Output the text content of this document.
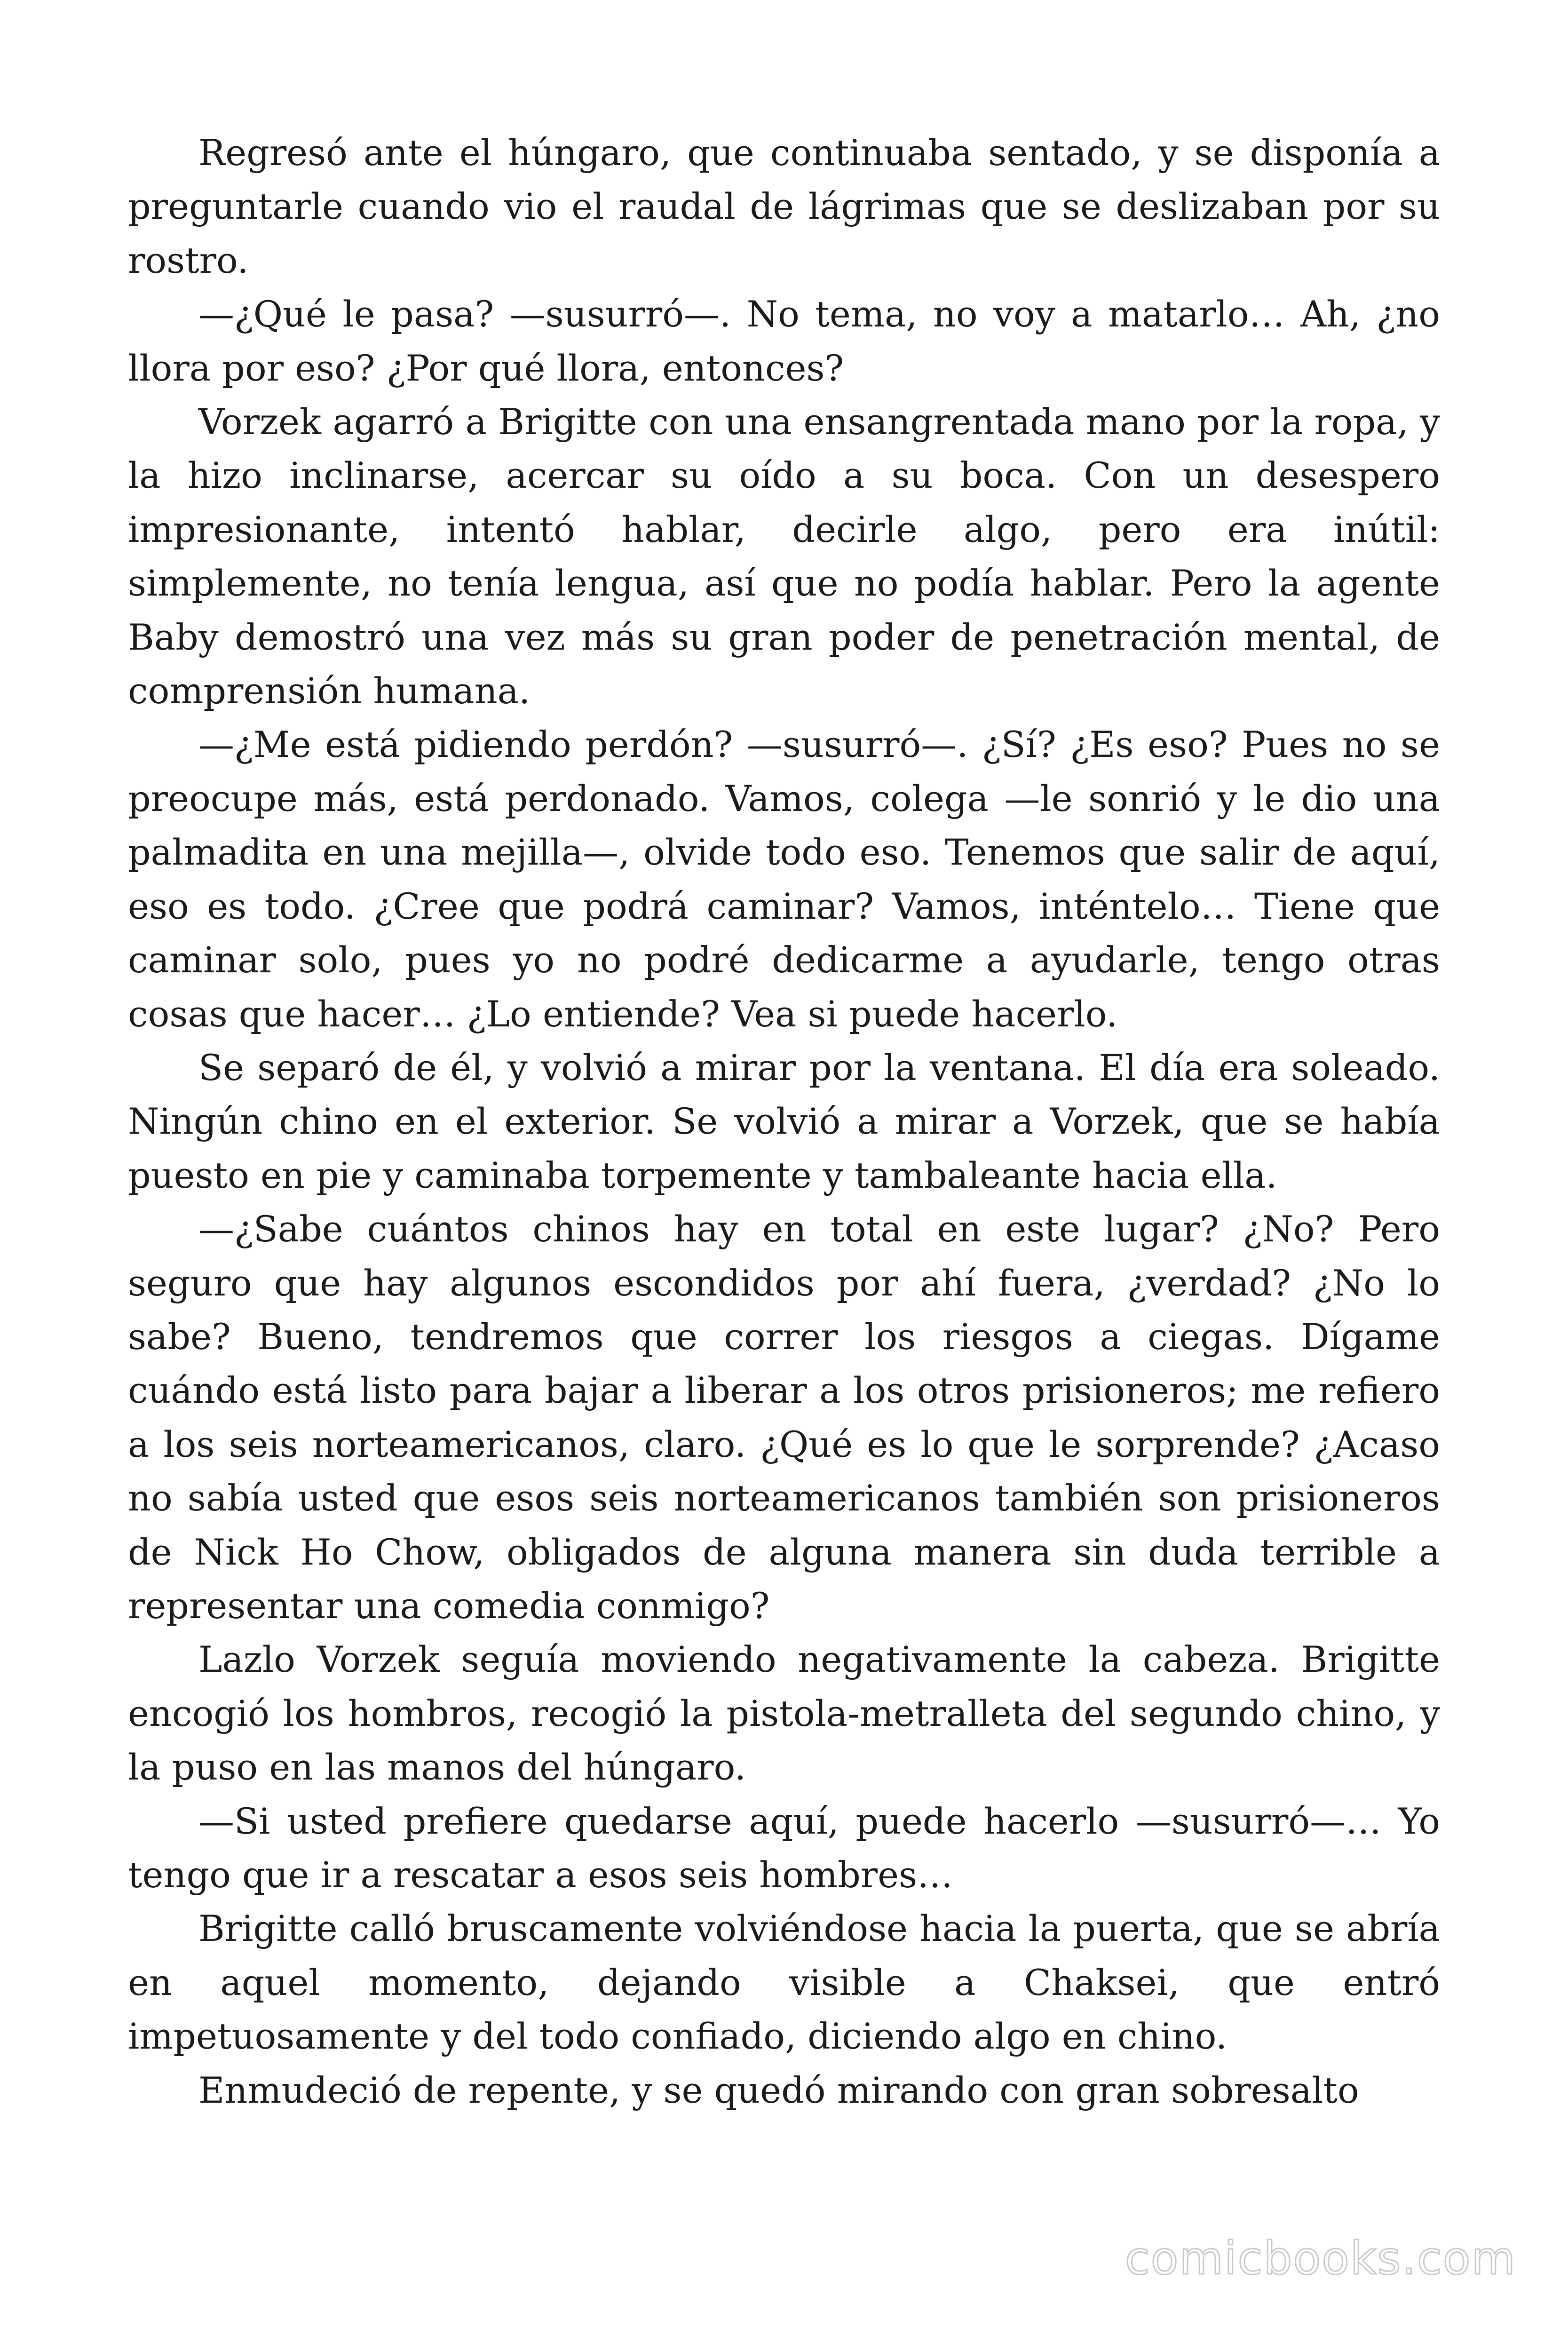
Regresó ante el húngaro, que continuaba sentado, y se disponía a preguntarle cuando vio el raudal de lágrimas que se deslizaban por su rostro.

—¿Qué le pasa? —susurró—. No tema, no voy a matarlo… Ah, ¿no llora por eso? ¿Por qué llora, entonces?

Vorzek agarró a Brigitte con una ensangrentada mano por la ropa, y la hizo inclinarse, acercar su oído a su boca. Con un desespero impresionante, intentó hablar, decirle algo, pero era inútil: simplemente, no tenía lengua, así que no podía hablar. Pero la agente Baby demostró una vez más su gran poder de penetración mental, de comprensión humana.

—¿Me está pidiendo perdón? —susurró—. ¿Sí? ¿Es eso? Pues no se preocupe más, está perdonado. Vamos, colega —le sonrió y le dio una palmadita en una mejilla—, olvide todo eso. Tenemos que salir de aquí, eso es todo. ¿Cree que podrá caminar? Vamos, inténtelo… Tiene que caminar solo, pues yo no podré dedicarme a ayudarle, tengo otras cosas que hacer… ¿Lo entiende? Vea si puede hacerlo.

Se separó de él, y volvió a mirar por la ventana. El día era soleado. Ningún chino en el exterior. Se volvió a mirar a Vorzek, que se había puesto en pie y caminaba torpemente y tambaleante hacia ella.

—¿Sabe cuántos chinos hay en total en este lugar? ¿No? Pero seguro que hay algunos escondidos por ahí fuera, ¿verdad? ¿No lo sabe? Bueno, tendremos que correr los riesgos a ciegas. Dígame cuándo está listo para bajar a liberar a los otros prisioneros; me refiero a los seis norteamericanos, claro. ¿Qué es lo que le sorprende? ¿Acaso no sabía usted que esos seis norteamericanos también son prisioneros de Nick Ho Chow, obligados de alguna manera sin duda terrible a representar una comedia conmigo?

Lazlo Vorzek seguía moviendo negativamente la cabeza. Brigitte encogió los hombros, recogió la pistola-metralleta del segundo chino, y la puso en las manos del húngaro.

—Si usted prefiere quedarse aquí, puede hacerlo —susurró—… Yo tengo que ir a rescatar a esos seis hombres…

Brigitte calló bruscamente volviéndose hacia la puerta, que se abría en aquel momento, dejando visible a Chaksei, que entró impetuosamente y del todo confiado, diciendo algo en chino.

Enmudeció de repente, y se quedó mirando con gran sobresalto

comicbooks.com
